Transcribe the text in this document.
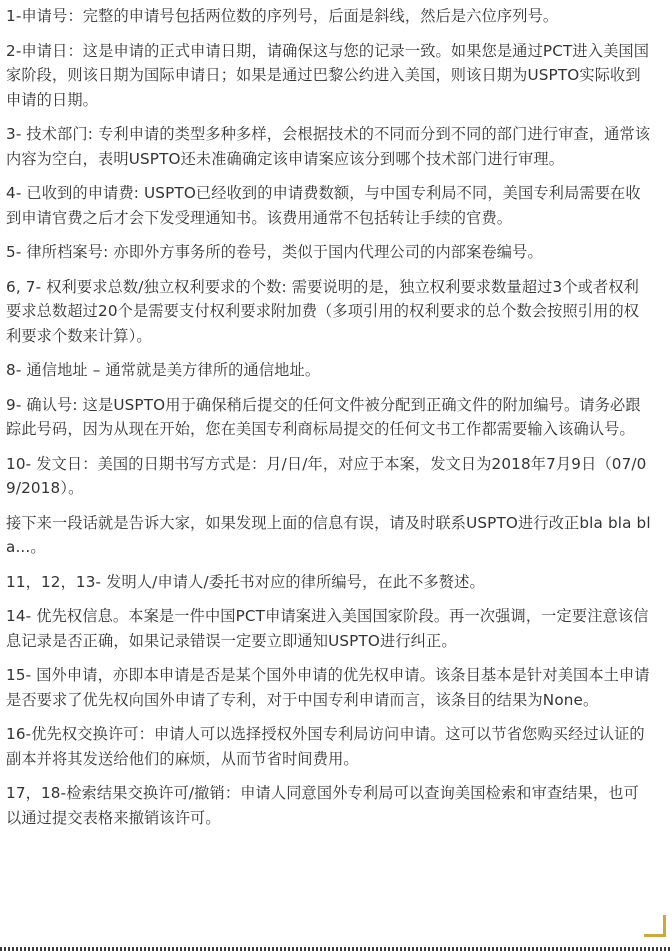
1-申请号：完整的申请号包括两位数的序列号，后面是斜线，然后是六位序列号。

2-申请日：这是申请的正式申请日期，请确保这与您的记录一致。如果您是通过PCT进入美国国家阶段，则该日期为国际申请日；如果是通过巴黎公约进入美国，则该日期为USPTO实际收到申请的日期。

3- 技术部门: 专利申请的类型多种多样，会根据技术的不同而分到不同的部门进行审查，通常该内容为空白，表明USPTO还未准确确定该申请案应该分到哪个技术部门进行审理。

4- 已收到的申请费: USPTO已经收到的申请费数额，与中国专利局不同，美国专利局需要在收到申请官费之后才会下发受理通知书。该费用通常不包括转让手续的官费。

5- 律所档案号: 亦即外方事务所的卷号，类似于国内代理公司的内部案卷编号。

6, 7- 权利要求总数/独立权利要求的个数: 需要说明的是，独立权利要求数量超过3个或者权利要求总数超过20个是需要支付权利要求附加费（多项引用的权利要求的总个数会按照引用的权利要求个数来计算）。

8- 通信地址 – 通常就是美方律所的通信地址。

9- 确认号: 这是USPTO用于确保稍后提交的任何文件被分配到正确文件的附加编号。请务必跟踪此号码，因为从现在开始，您在美国专利商标局提交的任何文书工作都需要输入该确认号。

10- 发文日：美国的日期书写方式是：月/日/年，对应于本案，发文日为2018年7月9日（07/09/2018）。

接下来一段话就是告诉大家，如果发现上面的信息有误，请及时联系USPTO进行改正bla bla bla...。

11，12，13- 发明人/申请人/委托书对应的律所编号，在此不多赘述。

14- 优先权信息。本案是一件中国PCT申请案进入美国国家阶段。再一次强调，一定要注意该信息记录是否正确，如果记录错误一定要立即通知USPTO进行纠正。

15- 国外申请，亦即本申请是否是某个国外申请的优先权申请。该条目基本是针对美国本土申请是否要求了优先权向国外申请了专利，对于中国专利申请而言，该条目的结果为None。

16-优先权交换许可：申请人可以选择授权外国专利局访问申请。这可以节省您购买经过认证的副本并将其发送给他们的麻烦，从而节省时间费用。

17，18-检索结果交换许可/撤销：申请人同意国外专利局可以查询美国检索和审查结果，也可以通过提交表格来撤销该许可。
